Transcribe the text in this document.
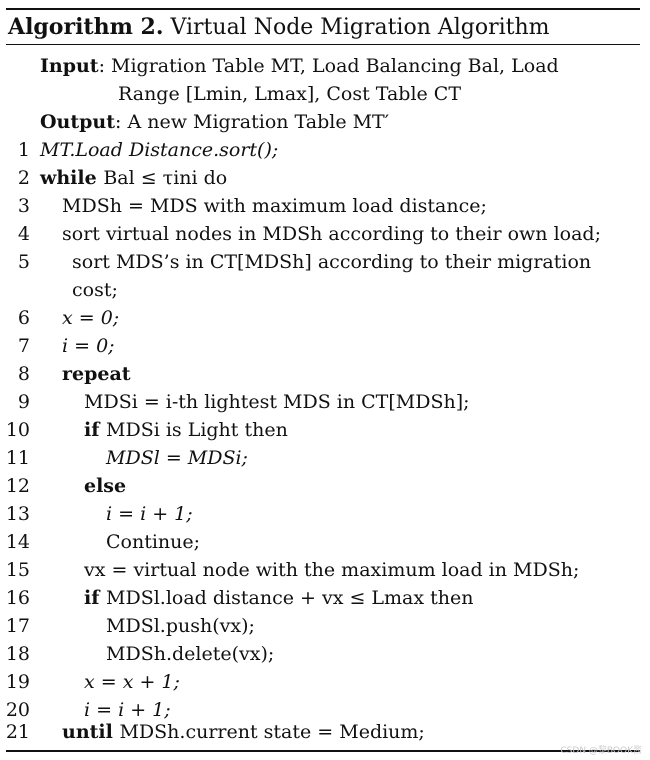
Algorithm 2. Virtual Node Migration Algorithm
Input: Migration Table MT, Load Balancing Bal, Load
Range [Lmin, Lmax], Cost Table CT
Output: A new Migration Table MT′
1 MT.Load Distance.sort();
2 while Bal ≤ τini do
3 MDSh = MDS with maximum load distance;
4 sort virtual nodes in MDSh according to their own load;
5 sort MDS’s in CT[MDSh] according to their migration
cost;
6 x = 0;
7 i = 0;
8 repeat
9	MDSi = i-th lightest MDS in CT[MDSh];
10	if MDSi is Light then
11	MDSl = MDSi;
12	else
13	i = i + 1;
14	Continue;
15	vx = virtual node with the maximum load in MDSh;
16	if MDSl.load distance + vx ≤ Lmax then
17	MDSl.push(vx);
18	MDSh.delete(vx);
19	x = x + 1;
20	i = i + 1;
21 until MDSh.current state = Medium;
CSDN @黎BOOK酱
